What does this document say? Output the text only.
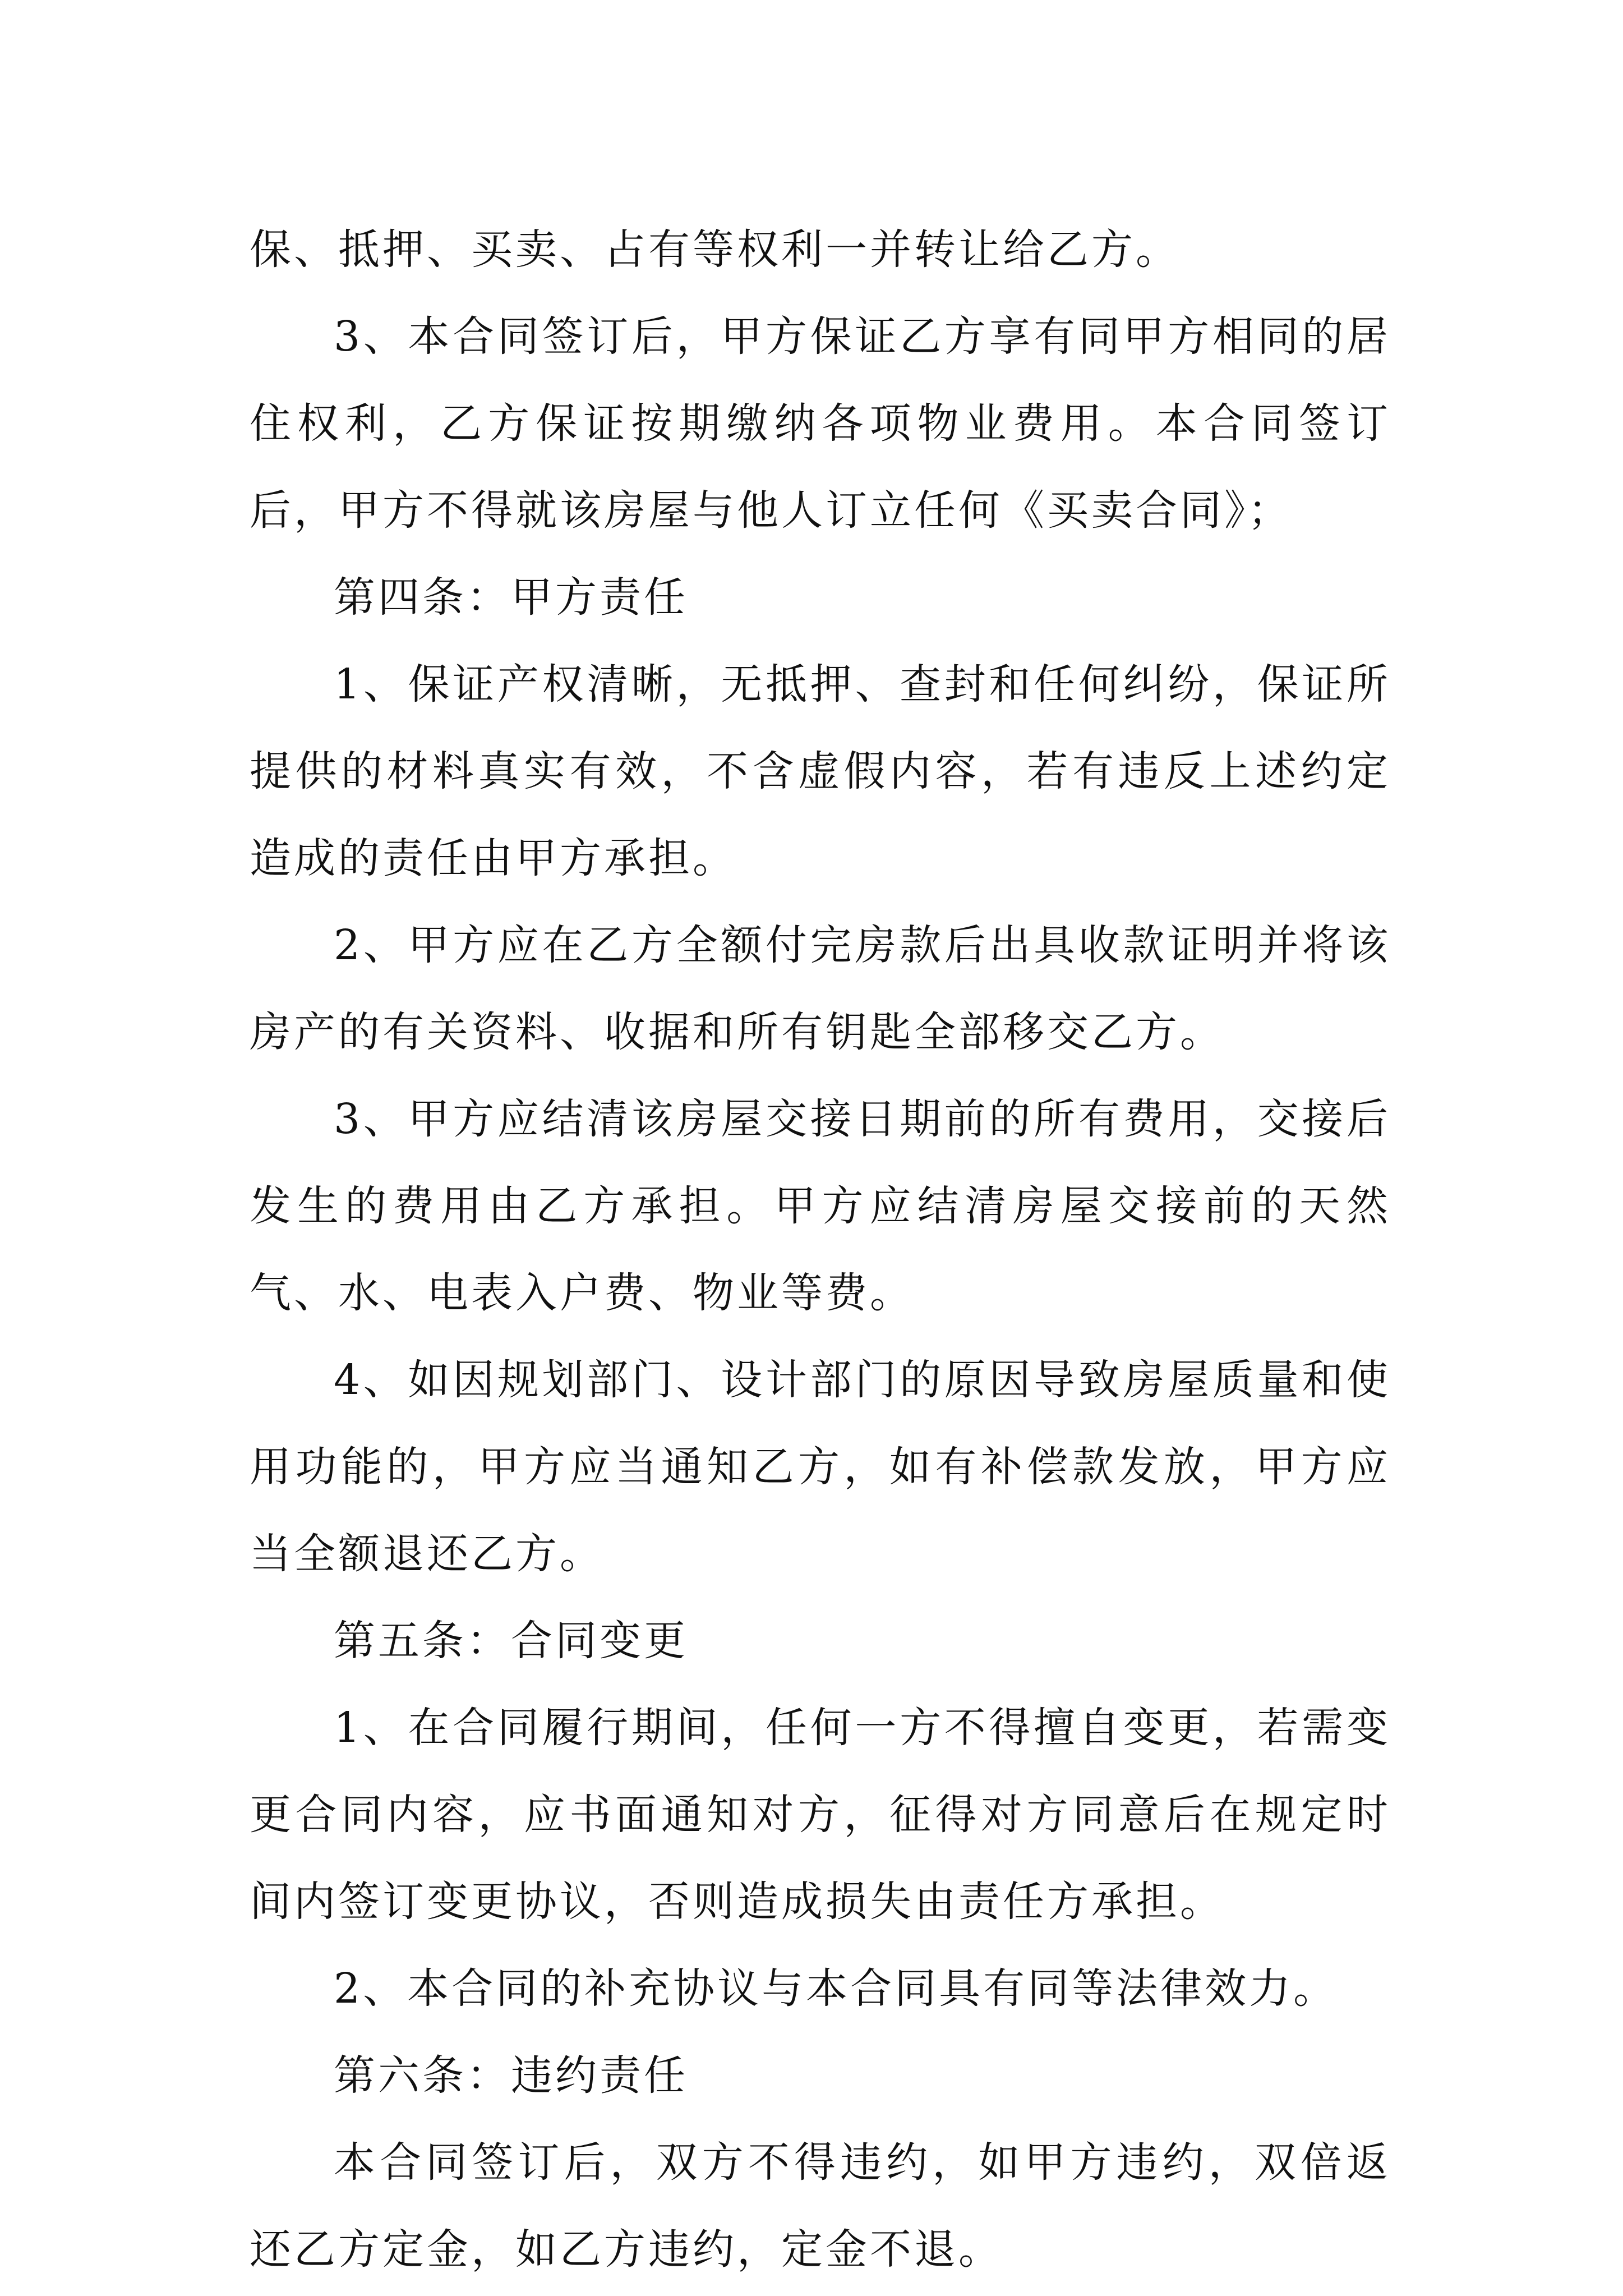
保、抵押、买卖、占有等权利一并转让给乙方。

3、本合同签订后，甲方保证乙方享有同甲方相同的居住权利，乙方保证按期缴纳各项物业费用。本合同签订后，甲方不得就该房屋与他人订立任何《买卖合同》；

第四条：甲方责任

1、保证产权清晰，无抵押、查封和任何纠纷，保证所提供的材料真实有效，不含虚假内容，若有违反上述约定造成的责任由甲方承担。

2、甲方应在乙方全额付完房款后出具收款证明并将该房产的有关资料、收据和所有钥匙全部移交乙方。

3、甲方应结清该房屋交接日期前的所有费用，交接后发生的费用由乙方承担。甲方应结清房屋交接前的天然气、水、电表入户费、物业等费。

4、如因规划部门、设计部门的原因导致房屋质量和使用功能的，甲方应当通知乙方，如有补偿款发放，甲方应当全额退还乙方。

第五条：合同变更

1、在合同履行期间，任何一方不得擅自变更，若需变更合同内容，应书面通知对方，征得对方同意后在规定时间内签订变更协议，否则造成损失由责任方承担。

2、本合同的补充协议与本合同具有同等法律效力。

第六条：违约责任

本合同签订后，双方不得违约，如甲方违约，双倍返还乙方定金，如乙方违约，定金不退。
